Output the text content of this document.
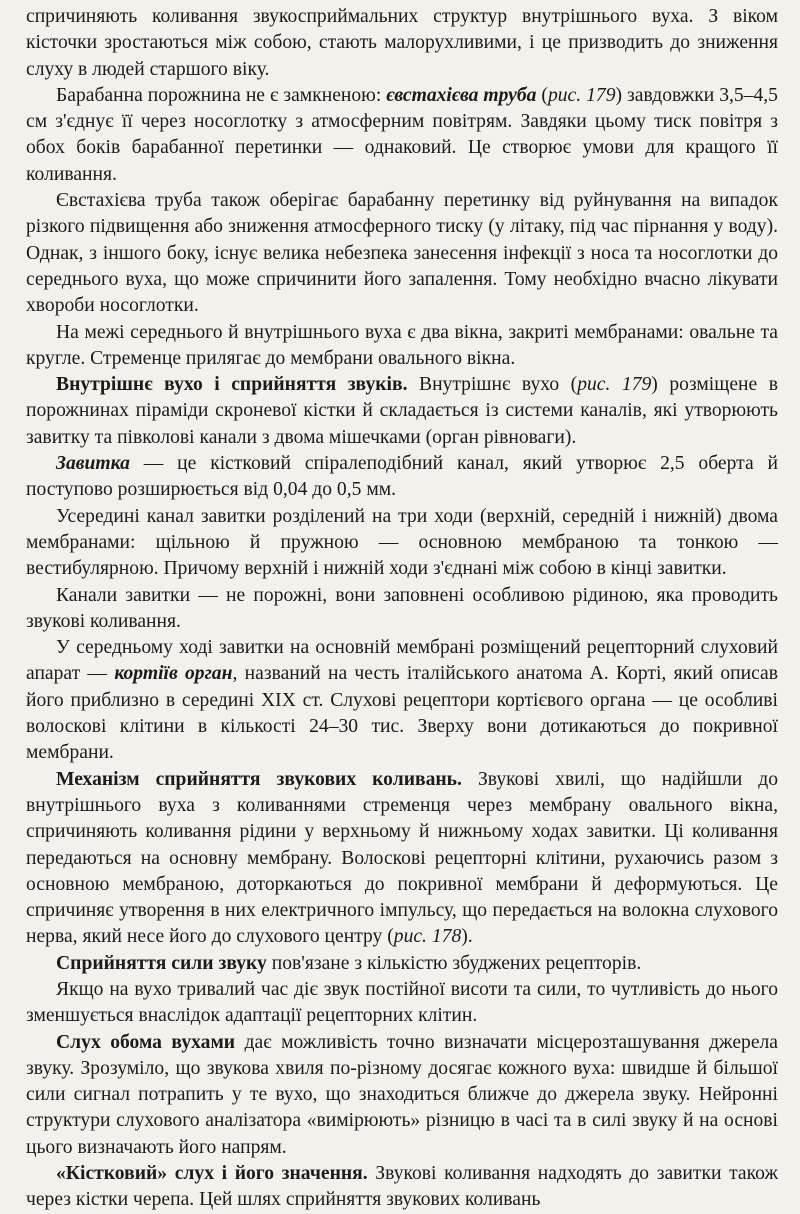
спричиняють коливання звукосприймальних структур внутрішнього вуха. З віком кісточки зростаються між собою, стають малорухливими, і це призводить до зниження слуху в людей старшого віку.

Барабанна порожнина не є замкненою: євстахієва труба (рис. 179) завдовжки 3,5–4,5 см з'єднує її через носоглотку з атмосферним повітрям. Завдяки цьому тиск повітря з обох боків барабанної перетинки — однаковий. Це створює умови для кращого її коливання.

Євстахієва труба також оберігає барабанну перетинку від руйнування на випадок різкого підвищення або зниження атмосферного тиску (у літаку, під час пірнання у воду). Однак, з іншого боку, існує велика небезпека занесення інфекції з носа та носоглотки до середнього вуха, що може спричинити його запалення. Тому необхідно вчасно лікувати хвороби носоглотки.

На межі середнього й внутрішнього вуха є два вікна, закриті мембранами: овальне та кругле. Стременце прилягає до мембрани овального вікна.

Внутрішнє вухо і сприйняття звуків. Внутрішнє вухо (рис. 179) розміщене в порожнинах піраміди скроневої кістки й складається із системи каналів, які утворюють завитку та півколові канали з двома мішечками (орган рівноваги).

Завитка — це кістковий спіралеподібний канал, який утворює 2,5 оберта й поступово розширюється від 0,04 до 0,5 мм.

Усередині канал завитки розділений на три ходи (верхній, середній і нижній) двома мембранами: щільною й пружною — основною мембраною та тонкою — вестибулярною. Причому верхній і нижній ходи з'єднані між собою в кінці завитки.

Канали завитки — не порожні, вони заповнені особливою рідиною, яка проводить звукові коливання.

У середньому ході завитки на основній мембрані розміщений рецепторний слуховий апарат — кортіїв орган, названий на честь італійського анатома А. Корті, який описав його приблизно в середині XIX ст. Слухові рецептори кортієвого органа — це особливі волоскові клітини в кількості 24–30 тис. Зверху вони дотикаються до покривної мембрани.

Механізм сприйняття звукових коливань. Звукові хвилі, що надійшли до внутрішнього вуха з коливаннями стременця через мембрану овального вікна, спричиняють коливання рідини у верхньому й нижньому ходах завитки. Ці коливання передаються на основну мембрану. Волоскові рецепторні клітини, рухаючись разом з основною мембраною, доторкаються до покривної мембрани й деформуються. Це спричиняє утворення в них електричного імпульсу, що передається на волокна слухового нерва, який несе його до слухового центру (рис. 178).

Сприйняття сили звуку пов'язане з кількістю збуджених рецепторів.

Якщо на вухо тривалий час діє звук постійної висоти та сили, то чутливість до нього зменшується внаслідок адаптації рецепторних клітин.

Слух обома вухами дає можливість точно визначати місцерозташування джерела звуку. Зрозуміло, що звукова хвиля по-різному досягає кожного вуха: швидше й більшої сили сигнал потрапить у те вухо, що знаходиться ближче до джерела звуку. Нейронні структури слухового аналізатора «вимірюють» різницю в часі та в силі звуку й на основі цього визначають його напрям.

«Кістковий» слух і його значення. Звукові коливання надходять до завитки також через кістки черепа. Цей шлях сприйняття звукових коливань
